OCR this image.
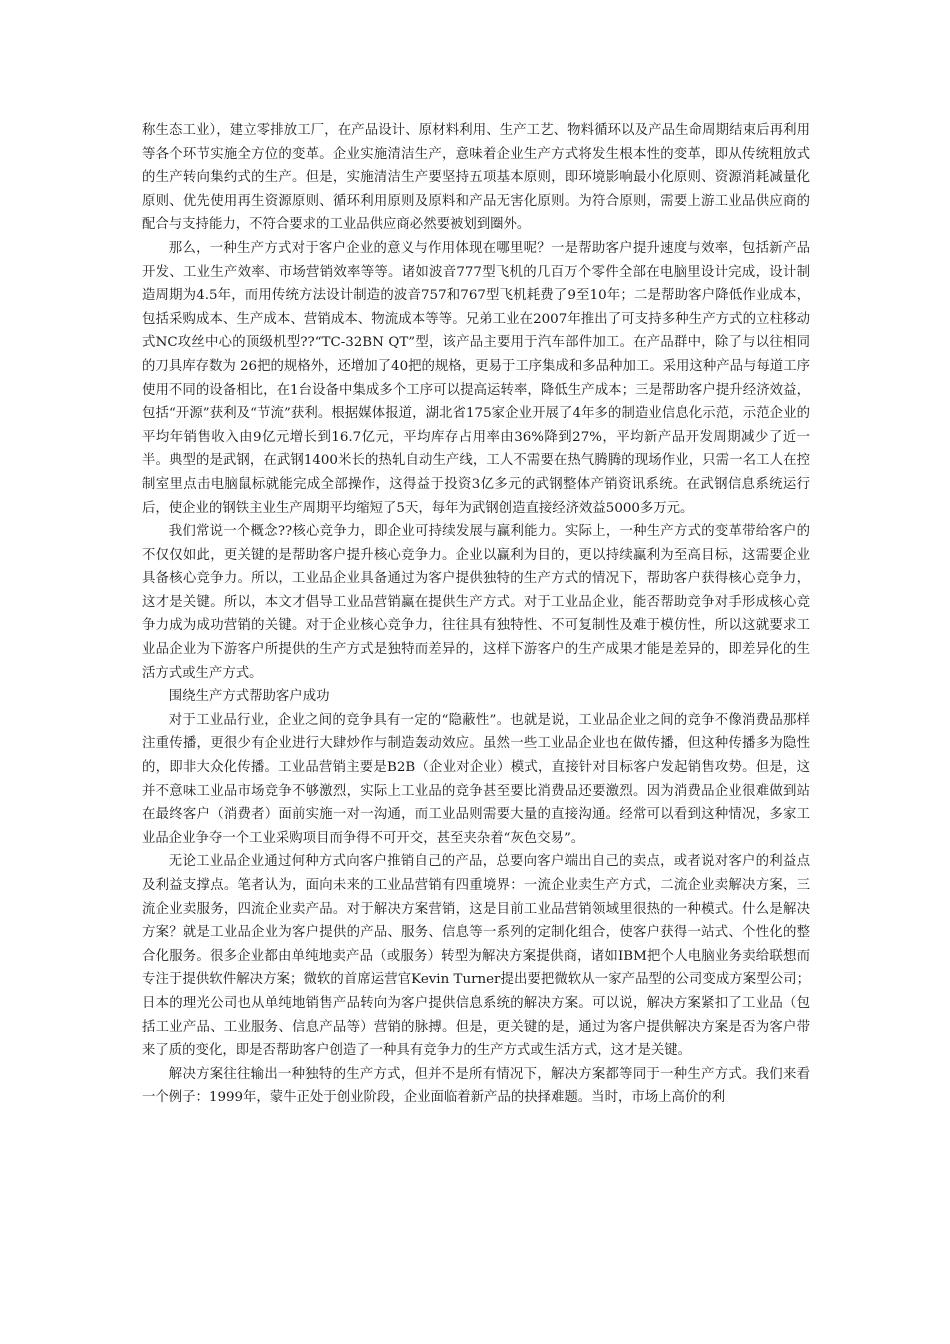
称生态工业），建立零排放工厂，在产品设计、原材料利用、生产工艺、物料循环以及产品生命周期结束后再利用等各个环节实施全方位的变革。企业实施清洁生产，意味着企业生产方式将发生根本性的变革，即从传统粗放式的生产转向集约式的生产。但是，实施清洁生产要坚持五项基本原则，即环境影响最小化原则、资源消耗减量化原则、优先使用再生资源原则、循环利用原则及原料和产品无害化原则。为符合原则，需要上游工业品供应商的配合与支持能力，不符合要求的工业品供应商必然要被划到圈外。

那么，一种生产方式对于客户企业的意义与作用体现在哪里呢？一是帮助客户提升速度与效率，包括新产品开发、工业生产效率、市场营销效率等等。诸如波音777型飞机的几百万个零件全部在电脑里设计完成，设计制造周期为4.5年，而用传统方法设计制造的波音757和767型飞机耗费了9至10年；二是帮助客户降低作业成本，包括采购成本、生产成本、营销成本、物流成本等等。兄弟工业在2007年推出了可支持多种生产方式的立柱移动式NC攻丝中心的顶级机型??“TC-32BN QT”型，该产品主要用于汽车部件加工。在产品群中，除了与以往相同的刀具库存数为 26把的规格外，还增加了40把的规格，更易于工序集成和多品种加工。采用这种产品与每道工序使用不同的设备相比，在1台设备中集成多个工序可以提高运转率，降低生产成本；三是帮助客户提升经济效益，包括“开源”获利及“节流”获利。根据媒体报道，湖北省175家企业开展了4年多的制造业信息化示范，示范企业的平均年销售收入由9亿元增长到16.7亿元，平均库存占用率由36%降到27%，平均新产品开发周期减少了近一半。典型的是武钢，在武钢1400米长的热轧自动生产线，工人不需要在热气腾腾的现场作业，只需一名工人在控制室里点击电脑鼠标就能完成全部操作，这得益于投资3亿多元的武钢整体产销资讯系统。在武钢信息系统运行后，使企业的钢铁主业生产周期平均缩短了5天，每年为武钢创造直接经济效益5000多万元。

我们常说一个概念??核心竞争力，即企业可持续发展与赢利能力。实际上，一种生产方式的变革带给客户的不仅仅如此，更关键的是帮助客户提升核心竞争力。企业以赢利为目的，更以持续赢利为至高目标，这需要企业具备核心竞争力。所以，工业品企业具备通过为客户提供独特的生产方式的情况下，帮助客户获得核心竞争力，这才是关键。所以，本文才倡导工业品营销赢在提供生产方式。对于工业品企业，能否帮助竞争对手形成核心竞争力成为成功营销的关键。对于企业核心竞争力，往往具有独特性、不可复制性及难于模仿性，所以这就要求工业品企业为下游客户所提供的生产方式是独特而差异的，这样下游客户的生产成果才能是差异的，即差异化的生活方式或生产方式。

围绕生产方式帮助客户成功

对于工业品行业，企业之间的竞争具有一定的“隐蔽性”。也就是说，工业品企业之间的竞争不像消费品那样注重传播，更很少有企业进行大肆炒作与制造轰动效应。虽然一些工业品企业也在做传播，但这种传播多为隐性的，即非大众化传播。工业品营销主要是B2B（企业对企业）模式，直接针对目标客户发起销售攻势。但是，这并不意味工业品市场竞争不够激烈，实际上工业品的竞争甚至要比消费品还要激烈。因为消费品企业很难做到站在最终客户（消费者）面前实施一对一沟通，而工业品则需要大量的直接沟通。经常可以看到这种情况，多家工业品企业争夺一个工业采购项目而争得不可开交，甚至夹杂着“灰色交易”。

无论工业品企业通过何种方式向客户推销自己的产品，总要向客户端出自己的卖点，或者说对客户的利益点及利益支撑点。笔者认为，面向未来的工业品营销有四重境界：一流企业卖生产方式，二流企业卖解决方案，三流企业卖服务，四流企业卖产品。对于解决方案营销，这是目前工业品营销领域里很热的一种模式。什么是解决方案？就是工业品企业为客户提供的产品、服务、信息等一系列的定制化组合，使客户获得一站式、个性化的整合化服务。很多企业都由单纯地卖产品（或服务）转型为解决方案提供商，诸如IBM把个人电脑业务卖给联想而专注于提供软件解决方案；微软的首席运营官Kevin Turner提出要把微软从一家产品型的公司变成方案型公司；日本的理光公司也从单纯地销售产品转向为客户提供信息系统的解决方案。可以说，解决方案紧扣了工业品（包括工业产品、工业服务、信息产品等）营销的脉搏。但是，更关键的是，通过为客户提供解决方案是否为客户带来了质的变化，即是否帮助客户创造了一种具有竞争力的生产方式或生活方式，这才是关键。

解决方案往往输出一种独特的生产方式，但并不是所有情况下，解决方案都等同于一种生产方式。我们来看一个例子：1999年，蒙牛正处于创业阶段，企业面临着新产品的抉择难题。当时，市场上高价的利
